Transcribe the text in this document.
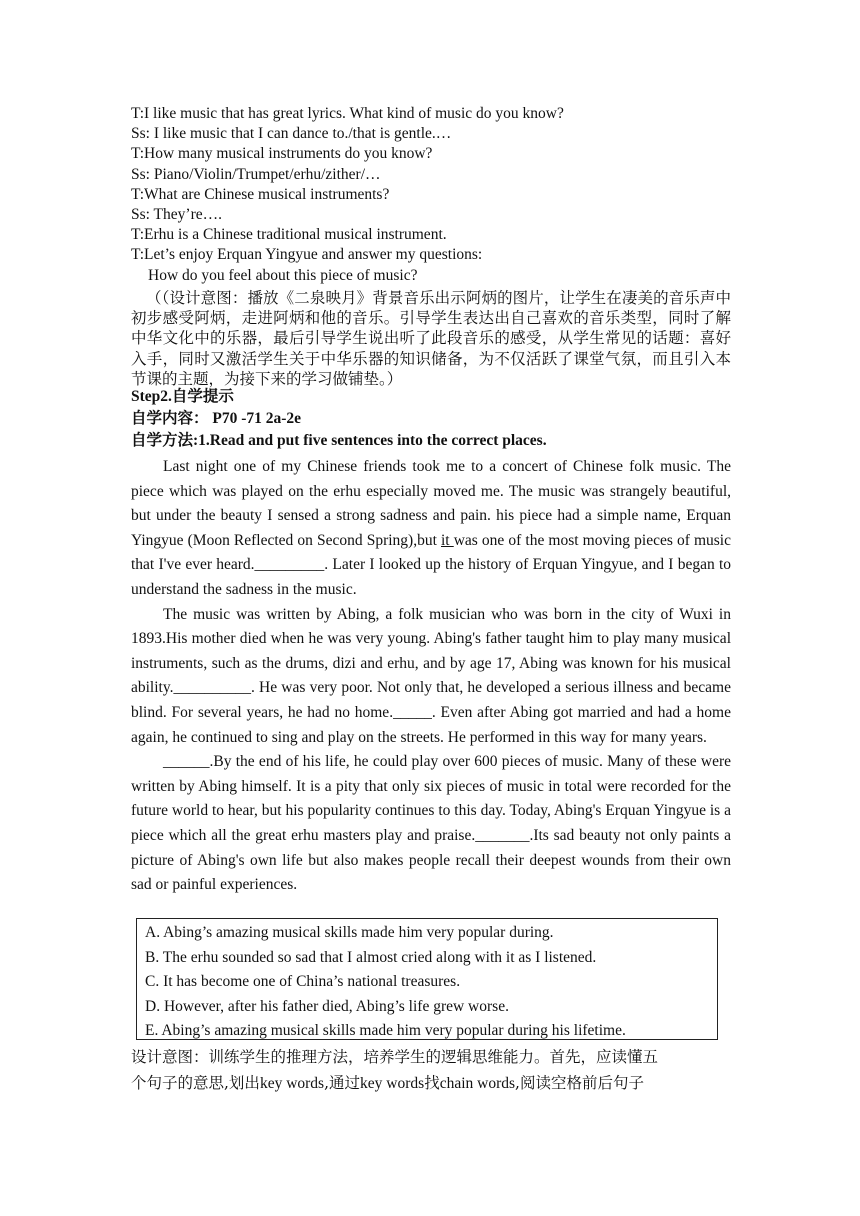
T:I like music that has great lyrics. What kind of music do you know?

Ss: I like music that I can dance to./that is gentle.…

T:How many musical instruments do you know?

Ss: Piano/Violin/Trumpet/erhu/zither/…

T:What are Chinese musical instruments?

Ss: They’re….

T:Erhu is a Chinese traditional musical instrument.

T:Let’s enjoy Erquan Yingyue and answer my questions:

How do you feel about this piece of music?

（（设计意图：播放《二泉映月》背景音乐出示阿炳的图片，让学生在凄美的音乐声中初步感受阿炳，走进阿炳和他的音乐。引导学生表达出自己喜欢的音乐类型，同时了解中华文化中的乐器，最后引导学生说出听了此段音乐的感受，从学生常见的话题：喜好入手，同时又激活学生关于中华乐器的知识储备，为不仅活跃了课堂气氛，而且引入本节课的主题，为接下来的学习做铺垫。）

Step2.自学提示

自学内容： P70 -71 2a-2e

自学方法:1.Read and put five sentences into the correct places.

Last night one of my Chinese friends took me to a concert of Chinese folk music. The piece which was played on the erhu especially moved me. The music was strangely beautiful, but under the beauty I sensed a strong sadness and pain. his piece had a simple name, Erquan Yingyue (Moon Reflected on Second Spring),but it was one of the most moving pieces of music that I've ever heard._________. Later I looked up the history of Erquan Yingyue, and I began to understand the sadness in the music.

The music was written by Abing, a folk musician who was born in the city of Wuxi in 1893.His mother died when he was very young. Abing's father taught him to play many musical instruments, such as the drums, dizi and erhu, and by age 17, Abing was known for his musical ability.__________. He was very poor. Not only that, he developed a serious illness and became blind. For several years, he had no home._____. Even after Abing got married and had a home again, he continued to sing and play on the streets. He performed in this way for many years.

______.By the end of his life, he could play over 600 pieces of music. Many of these were written by Abing himself. It is a pity that only six pieces of music in total were recorded for the future world to hear, but his popularity continues to this day. Today, Abing's Erquan Yingyue is a piece which all the great erhu masters play and praise._______.Its sad beauty not only paints a picture of Abing's own life but also makes people recall their deepest wounds from their own sad or painful experiences.

A. Abing’s amazing musical skills made him very popular during.

B. The erhu sounded so sad that I almost cried along with it as I listened.

C. It has become one of China’s national treasures.

D. However, after his father died, Abing’s life grew worse.

E. Abing’s amazing musical skills made him very popular during his lifetime.

设计意图：训练学生的推理方法，培养学生的逻辑思维能力。首先，应读懂五

个句子的意思,划出key words,通过key words找chain words,阅读空格前后句子
